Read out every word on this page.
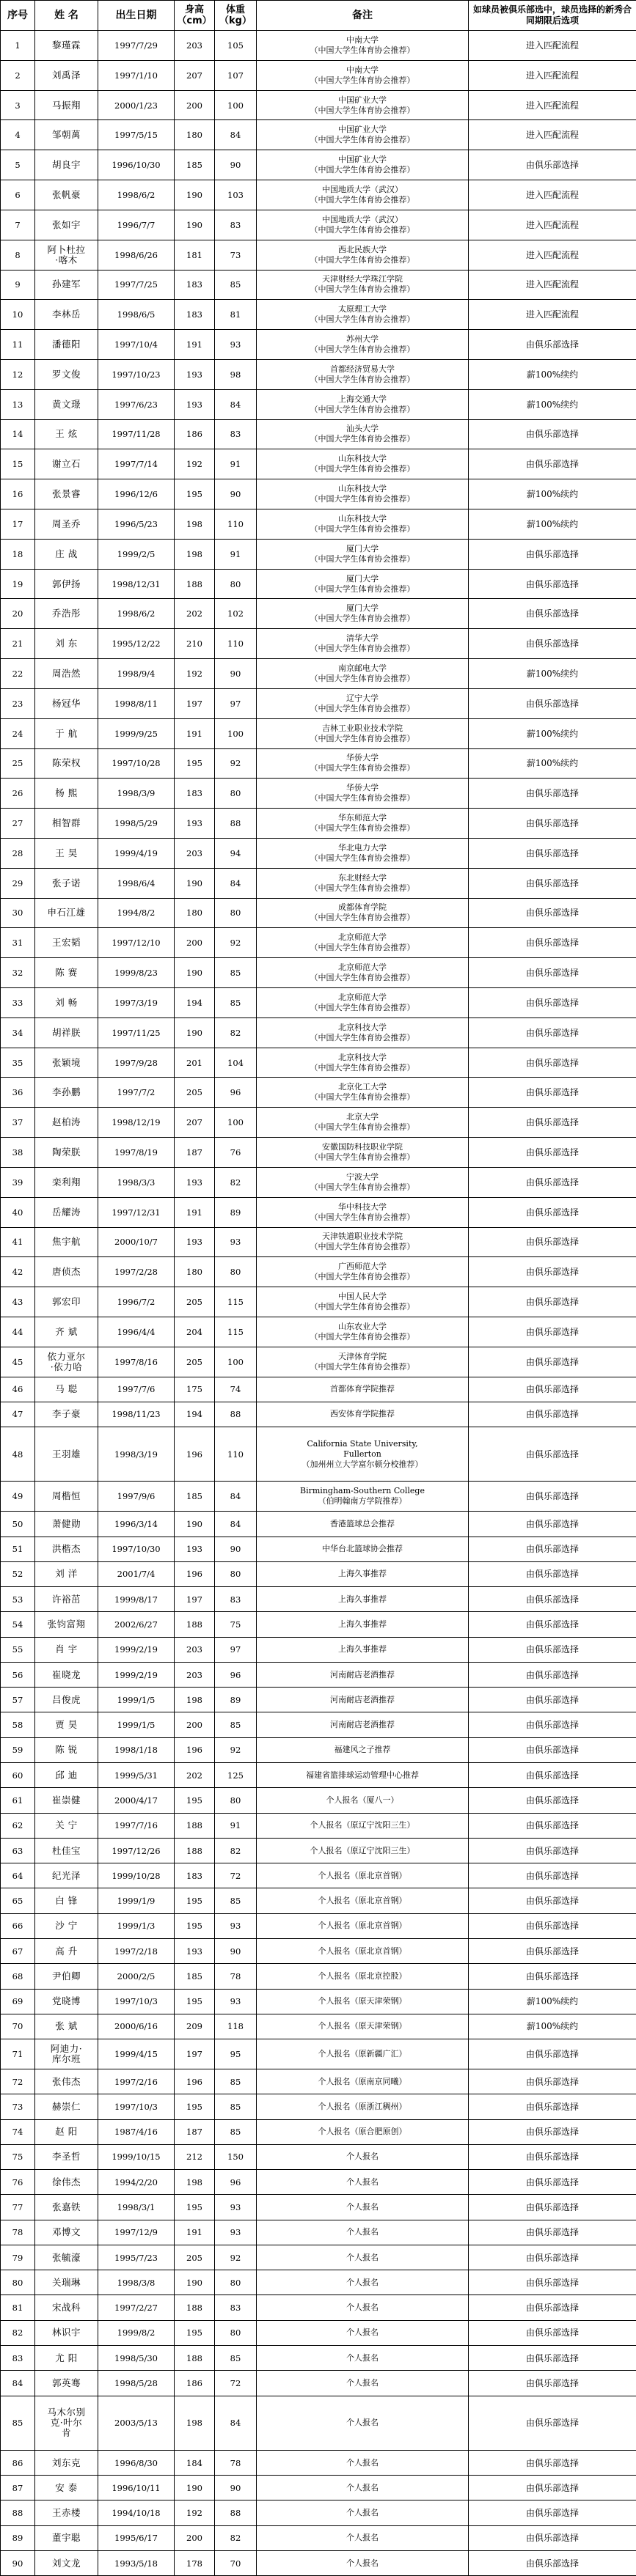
序号	姓 名	出生日期	身高（cm）	体重（kg）	备注	如球员被俱乐部选中，球员选择的新秀合同期限后选项
1	黎瑾霖	1997/7/29	203	105	中南大学
（中国大学生体育协会推荐）	进入匹配流程
2	刘禹泽	1997/1/10	207	107	中南大学
（中国大学生体育协会推荐）	进入匹配流程
3	马振翔	2000/1/23	200	100	中国矿业大学
（中国大学生体育协会推荐）	进入匹配流程
4	邹朝萬	1997/5/15	180	84	中国矿业大学
（中国大学生体育协会推荐）	进入匹配流程
5	胡良宇	1996/10/30	185	90	中国矿业大学
（中国大学生体育协会推荐）	由俱乐部选择
6	张帆豪	1998/6/2	190	103	中国地质大学（武汉）
（中国大学生体育协会推荐）	进入匹配流程
7	张如宇	1996/7/7	190	83	中国地质大学（武汉）
（中国大学生体育协会推荐）	进入匹配流程
8	阿卜杜拉
·喀木	1998/6/26	181	73	西北民族大学
（中国大学生体育协会推荐）	进入匹配流程
9	孙建军	1997/7/25	183	85	天津财经大学珠江学院
（中国大学生体育协会推荐）	进入匹配流程
10	李林岳	1998/6/5	183	81	太原理工大学
（中国大学生体育协会推荐）	进入匹配流程
11	潘德阳	1997/10/4	191	93	苏州大学
（中国大学生体育协会推荐）	由俱乐部选择
12	罗文俊	1997/10/23	193	98	首都经济贸易大学
（中国大学生体育协会推荐）	薪100%续约
13	黄文璟	1997/6/23	193	84	上海交通大学
（中国大学生体育协会推荐）	薪100%续约
14	王 炫	1997/11/28	186	83	汕头大学
（中国大学生体育协会推荐）	由俱乐部选择
15	谢立石	1997/7/14	192	91	山东科技大学
（中国大学生体育协会推荐）	由俱乐部选择
16	张景睿	1996/12/6	195	90	山东科技大学
（中国大学生体育协会推荐）	薪100%续约
17	周圣乔	1996/5/23	198	110	山东科技大学
（中国大学生体育协会推荐）	薪100%续约
18	庄 战	1999/2/5	198	91	厦门大学
（中国大学生体育协会推荐）	由俱乐部选择
19	郭伊扬	1998/12/31	188	80	厦门大学
（中国大学生体育协会推荐）	由俱乐部选择
20	乔浩彤	1998/6/2	202	102	厦门大学
（中国大学生体育协会推荐）	由俱乐部选择
21	刘 东	1995/12/22	210	110	清华大学
（中国大学生体育协会推荐）	由俱乐部选择
22	周浩然	1998/9/4	192	90	南京邮电大学
（中国大学生体育协会推荐）	薪100%续约
23	杨冠华	1998/8/11	197	97	辽宁大学
（中国大学生体育协会推荐）	由俱乐部选择
24	于 航	1999/9/25	191	100	吉林工业职业技术学院
（中国大学生体育协会推荐）	薪100%续约
25	陈荣权	1997/10/28	195	92	华侨大学
（中国大学生体育协会推荐）	薪100%续约
26	杨 熙	1998/3/9	183	80	华侨大学
（中国大学生体育协会推荐）	由俱乐部选择
27	相智群	1998/5/29	193	88	华东师范大学
（中国大学生体育协会推荐）	由俱乐部选择
28	王 昊	1999/4/19	203	94	华北电力大学
（中国大学生体育协会推荐）	由俱乐部选择
29	张子诺	1998/6/4	190	84	东北财经大学
（中国大学生体育协会推荐）	由俱乐部选择
30	申石江雄	1994/8/2	180	80	成都体育学院
（中国大学生体育协会推荐）	由俱乐部选择
31	王宏韬	1997/12/10	200	92	北京师范大学
（中国大学生体育协会推荐）	由俱乐部选择
32	陈 赛	1999/8/23	190	85	北京师范大学
（中国大学生体育协会推荐）	由俱乐部选择
33	刘 畅	1997/3/19	194	85	北京师范大学
（中国大学生体育协会推荐）	由俱乐部选择
34	胡祥朕	1997/11/25	190	82	北京科技大学
（中国大学生体育协会推荐）	由俱乐部选择
35	张颖境	1997/9/28	201	104	北京科技大学
（中国大学生体育协会推荐）	由俱乐部选择
36	李孙鹏	1997/7/2	205	96	北京化工大学
（中国大学生体育协会推荐）	由俱乐部选择
37	赵柏涛	1998/12/19	207	100	北京大学
（中国大学生体育协会推荐）	由俱乐部选择
38	陶荣朕	1997/8/19	187	76	安徽国防科技职业学院
（中国大学生体育协会推荐）	由俱乐部选择
39	栾利翔	1998/3/3	193	82	宁波大学
（中国大学生体育协会推荐）	由俱乐部选择
40	岳耀涛	1997/12/31	191	89	华中科技大学
（中国大学生体育协会推荐）	由俱乐部选择
41	焦宇航	2000/10/7	193	93	天津铁道职业技术学院
（中国大学生体育协会推荐）	由俱乐部选择
42	唐侦杰	1997/2/28	180	80	广西师范大学
（中国大学生体育协会推荐）	由俱乐部选择
43	郭宏印	1996/7/2	205	115	中国人民大学
（中国大学生体育协会推荐）	由俱乐部选择
44	齐 斌	1996/4/4	204	115	山东农业大学
（中国大学生体育协会推荐）	由俱乐部选择
45	依力亚尔
·依力哈	1997/8/16	205	100	天津体育学院
（中国大学生体育协会推荐）	由俱乐部选择
46	马 聪	1997/7/6	175	74	首都体育学院推荐	由俱乐部选择
47	李子豪	1998/11/23	194	88	西安体育学院推荐	由俱乐部选择
48	王羽雄	1998/3/19	196	110	California State University,
Fullerton
（加州州立大学富尔顿分校推荐）	由俱乐部选择
49	周楷恒	1997/9/6	185	84	Birmingham-Southern College
（伯明翰南方学院推荐）	由俱乐部选择
50	萧健勋	1996/3/14	190	84	香港篮球总会推荐	由俱乐部选择
51	洪楷杰	1997/10/30	193	90	中华台北篮球协会推荐	由俱乐部选择
52	刘 洋	2001/7/4	196	80	上海久事推荐	由俱乐部选择
53	许裕茁	1999/8/17	197	83	上海久事推荐	由俱乐部选择
54	张钧富翔	2002/6/27	188	75	上海久事推荐	由俱乐部选择
55	肖 宇	1999/2/19	203	97	上海久事推荐	由俱乐部选择
56	崔晓龙	1999/2/19	203	96	河南耐店老酒推荐	由俱乐部选择
57	吕俊虎	1999/1/5	198	89	河南耐店老酒推荐	由俱乐部选择
58	贾 昊	1999/1/5	200	85	河南耐店老酒推荐	由俱乐部选择
59	陈 锐	1998/1/18	196	92	福建风之子推荐	由俱乐部选择
60	邱 迪	1999/5/31	202	125	福建省篮排球运动管理中心推荐	由俱乐部选择
61	崔崇健	2000/4/17	195	80	个人报名（厦八一）	由俱乐部选择
62	关 宁	1997/7/16	188	91	个人报名（原辽宁沈阳三生）	由俱乐部选择
63	杜佳宝	1997/12/26	188	82	个人报名（原辽宁沈阳三生）	由俱乐部选择
64	纪光泽	1999/10/28	183	72	个人报名（原北京首钢）	由俱乐部选择
65	白 锋	1999/1/9	195	85	个人报名（原北京首钢）	由俱乐部选择
66	沙 宁	1999/1/3	195	93	个人报名（原北京首钢）	由俱乐部选择
67	高 升	1997/2/18	193	90	个人报名（原北京首钢）	由俱乐部选择
68	尹伯卿	2000/2/5	185	78	个人报名（原北京控股）	由俱乐部选择
69	党晓博	1997/10/3	195	93	个人报名（原天津荣钢）	薪100%续约
70	张 斌	2000/6/16	209	118	个人报名（原天津荣钢）	薪100%续约
71	阿迪力·
库尔班	1999/4/15	197	95	个人报名（原新疆广汇）	由俱乐部选择
72	张伟杰	1997/2/16	196	85	个人报名（原南京同曦）	由俱乐部选择
73	赫崇仁	1997/10/3	195	85	个人报名（原浙江稠州）	由俱乐部选择
74	赵 阳	1987/4/16	187	85	个人报名（原合肥原创）	由俱乐部选择
75	李圣哲	1999/10/15	212	150	个人报名	由俱乐部选择
76	徐伟杰	1994/2/20	198	96	个人报名	由俱乐部选择
77	张嘉铁	1998/3/1	195	93	个人报名	由俱乐部选择
78	邓博文	1997/12/9	191	93	个人报名	由俱乐部选择
79	张毓濠	1995/7/23	205	92	个人报名	由俱乐部选择
80	关瑞琳	1998/3/8	190	80	个人报名	由俱乐部选择
81	宋战科	1997/2/27	188	83	个人报名	由俱乐部选择
82	林识宇	1999/8/2	195	80	个人报名	由俱乐部选择
83	尤 阳	1998/5/30	188	85	个人报名	由俱乐部选择
84	郭英骞	1998/5/28	186	72	个人报名	由俱乐部选择
85	马木尔别
克·叶尔
肯	2003/5/13	198	84	个人报名	由俱乐部选择
86	刘东克	1996/8/30	184	78	个人报名	由俱乐部选择
87	安 泰	1996/10/11	190	90	个人报名	由俱乐部选择
88	王赤楼	1994/10/18	192	88	个人报名	由俱乐部选择
89	董宇聪	1995/6/17	200	82	个人报名	由俱乐部选择
90	刘文龙	1993/5/18	178	70	个人报名	由俱乐部选择
